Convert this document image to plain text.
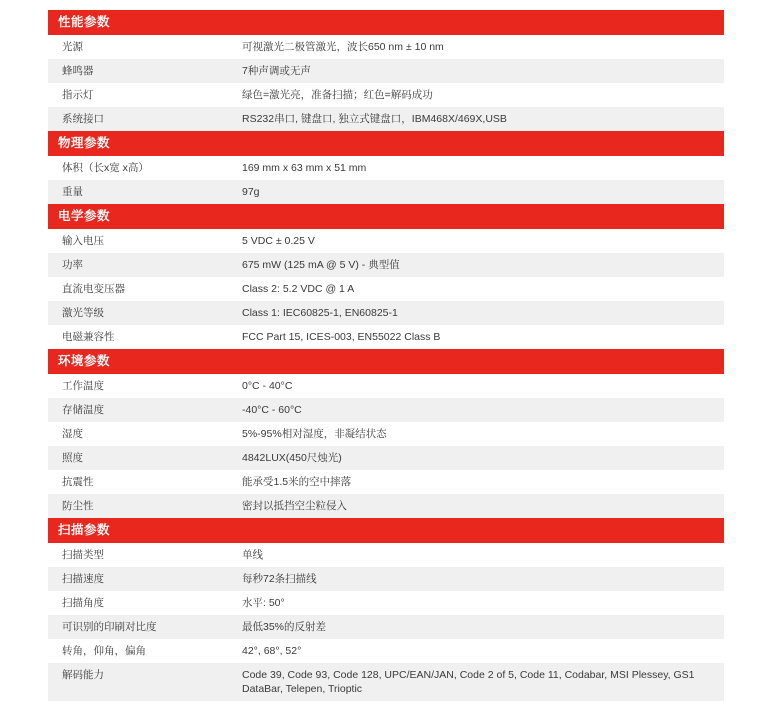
性能参数	
光源	可视激光二极管激光，波长650 nm ± 10 nm
蜂鸣器	7种声调或无声
指示灯	绿色=激光亮，准备扫描；红色=解码成功
系统接口	RS232串口, 键盘口, 独立式键盘口，IBM468X/469X,USB
物理参数	
体积（长x宽 x高）	169 mm x 63 mm x 51 mm
重量	97g
电学参数	
输入电压	5 VDC ± 0.25 V
功率	675 mW (125 mA @ 5 V) - 典型值
直流电变压器	Class 2: 5.2 VDC @ 1 A
激光等级	Class 1: IEC60825-1, EN60825-1
电磁兼容性	FCC Part 15, ICES-003, EN55022 Class B
环境参数	
工作温度	0°C - 40°C
存储温度	-40°C - 60°C
湿度	5%-95%相对湿度，非凝结状态
照度	4842LUX(450尺烛光)
抗震性	能承受1.5米的空中摔落
防尘性	密封以抵挡空尘粒侵入
扫描参数	
扫描类型	单线
扫描速度	每秒72条扫描线
扫描角度	水平: 50°
可识别的印刷对比度	最低35%的反射差
转角，仰角，偏角	42°, 68°, 52°
解码能力	Code 39, Code 93, Code 128, UPC/EAN/JAN, Code 2 of 5, Code 11, Codabar, MSI Plessey, GS1 DataBar, Telepen, Trioptic
